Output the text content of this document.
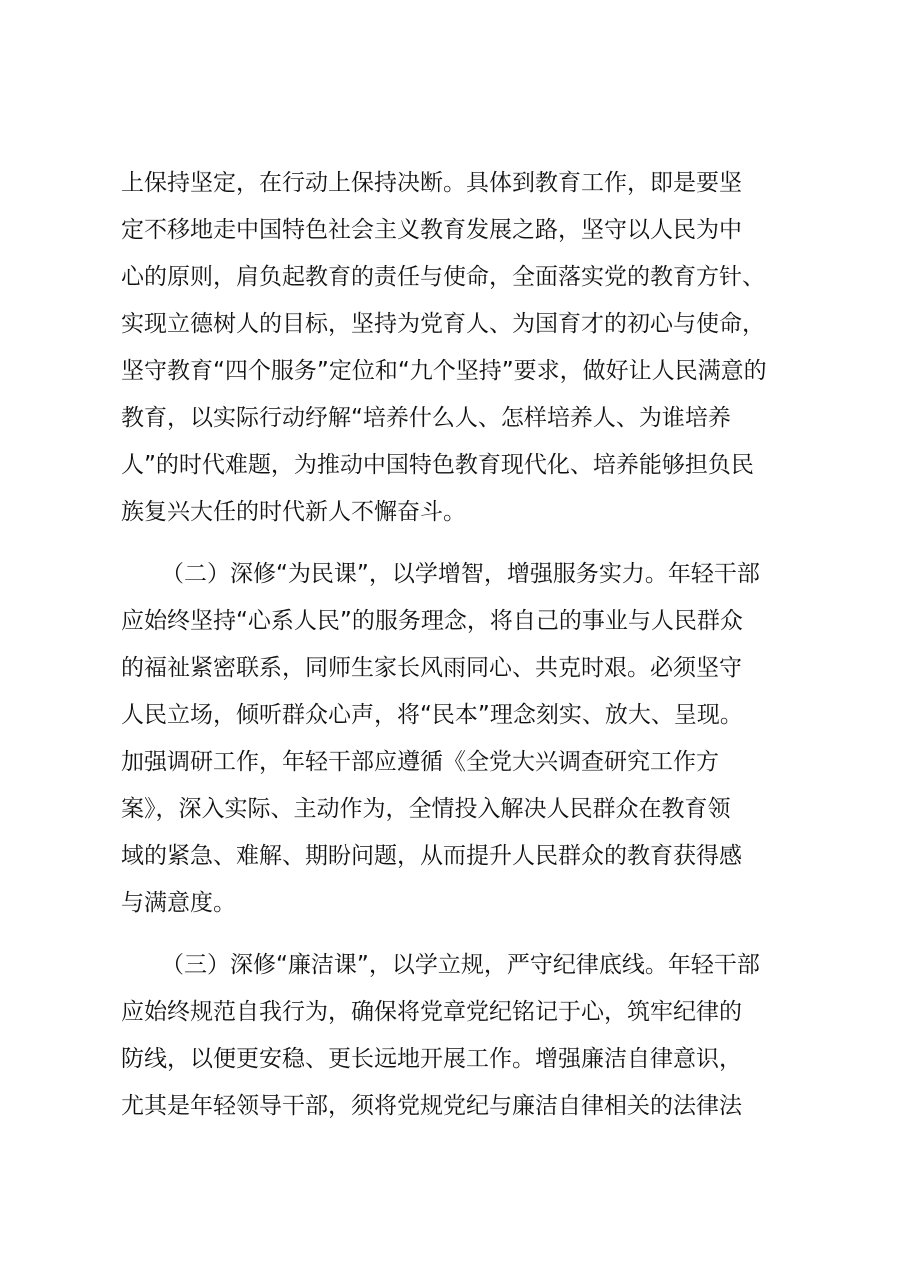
上保持坚定，在行动上保持决断。具体到教育工作，即是要坚
定不移地走中国特色社会主义教育发展之路，坚守以人民为中
心的原则，肩负起教育的责任与使命，全面落实党的教育方针、
实现立德树人的目标，坚持为党育人、为国育才的初心与使命，
坚守教育“四个服务”定位和“九个坚持”要求，做好让人民满意的
教育，以实际行动纾解“培养什么人、怎样培养人、为谁培养
人”的时代难题，为推动中国特色教育现代化、培养能够担负民
族复兴大任的时代新人不懈奋斗。
（二）深修“为民课”，以学增智，增强服务实力。年轻干部
应始终坚持“心系人民”的服务理念，将自己的事业与人民群众
的福祉紧密联系，同师生家长风雨同心、共克时艰。必须坚守
人民立场，倾听群众心声，将“民本”理念刻实、放大、呈现。
加强调研工作，年轻干部应遵循《全党大兴调查研究工作方
案》，深入实际、主动作为，全情投入解决人民群众在教育领
域的紧急、难解、期盼问题，从而提升人民群众的教育获得感
与满意度。
（三）深修“廉洁课”，以学立规，严守纪律底线。年轻干部
应始终规范自我行为，确保将党章党纪铭记于心，筑牢纪律的
防线，以便更安稳、更长远地开展工作。增强廉洁自律意识，
尤其是年轻领导干部，须将党规党纪与廉洁自律相关的法律法
